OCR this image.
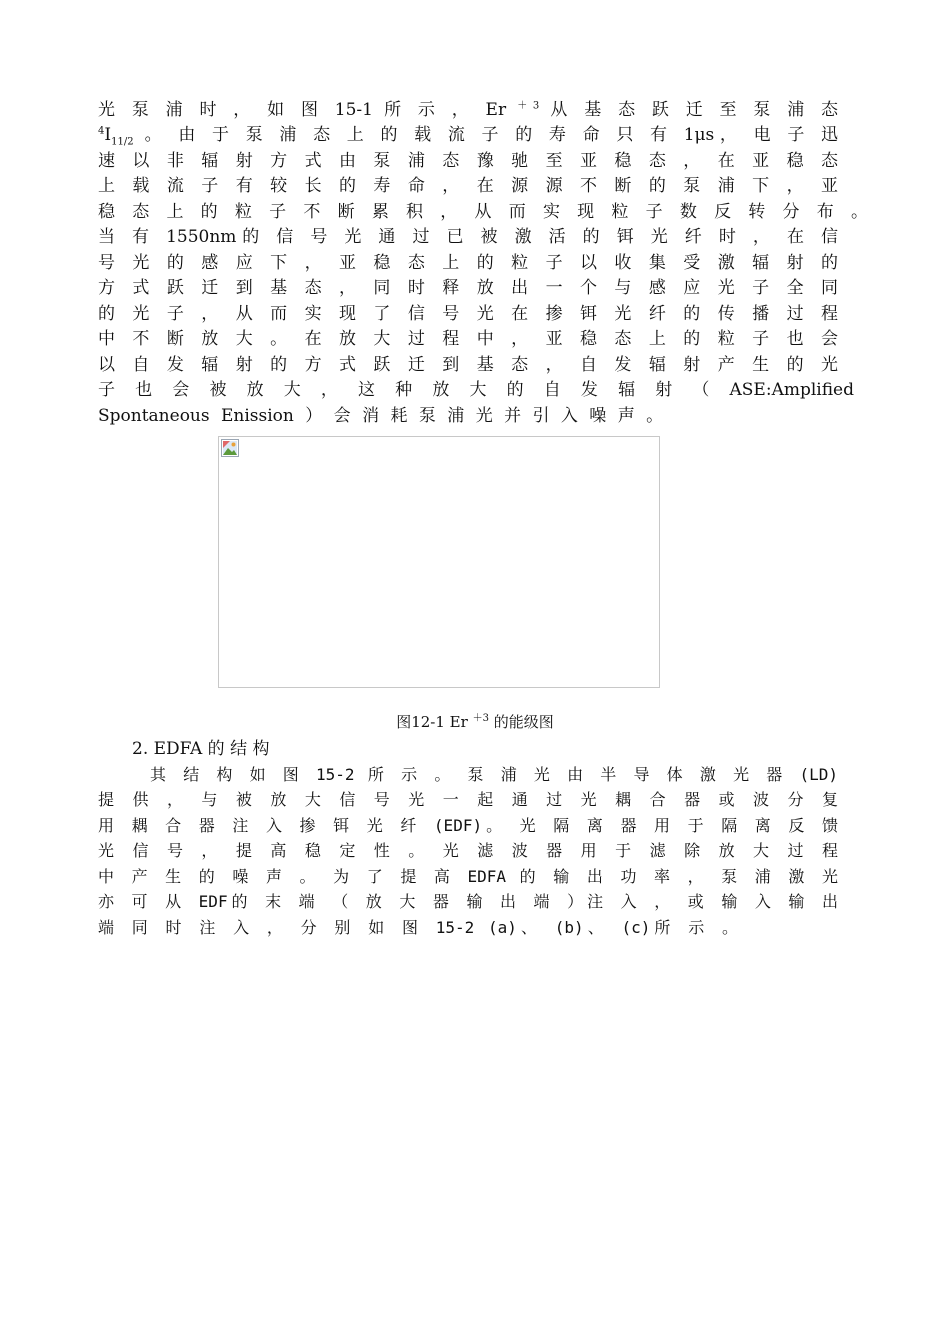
光 泵 浦 时 ， 如 图 15-1 所 示 ， Er $^{+3}$ 从 基 态 跃 迁 至 泵 浦 态
$^4I_{11/2}$ 。 由 于 泵 浦 态 上 的 载 流 子 的 寿 命 只 有 1μs， 电 子 迅
速 以 非 辐 射 方 式 由 泵 浦 态 豫 驰 至 亚 稳 态 ， 在 亚 稳 态
上 载 流 子 有 较 长 的 寿 命 ， 在 源 源 不 断 的 泵 浦 下 ， 亚
稳 态 上 的 粒 子 不 断 累 积 ， 从 而 实 现 粒 子 数 反 转 分 布 。
当 有 1550nm的 信 号 光 通 过 已 被 激 活 的 铒 光 纤 时 ， 在 信
号 光 的 感 应 下 ， 亚 稳 态 上 的 粒 子 以 收 集 受 激 辐 射 的
方 式 跃 迁 到 基 态 ， 同 时 释 放 出 一 个 与 感 应 光 子 全 同
的 光 子 ， 从 而 实 现 了 信 号 光 在 掺 铒 光 纤 的 传 播 过 程
中 不 断 放 大 。 在 放 大 过 程 中 ， 亚 稳 态 上 的 粒 子 也 会
以 自 发 辐 射 的 方 式 跃 迁 到 基 态 ， 自 发 辐 射 产 生 的 光
子 也 会 被 放 大 ， 这 种 放 大 的 自 发 辐 射 （ ASE:Amplified
Spontaneous Enission ） 会 消 耗 泵 浦 光 并 引 入 噪 声 。
图12-1 Er $^{+3}$ 的能级图
2. EDFA 的 结 构
其 结 构 如 图 15-2 所 示 。 泵 浦 光 由 半 导 体 激 光 器 (LD)
提 供 ， 与 被 放 大 信 号 光 一 起 通 过 光 耦 合 器 或 波 分 复
用 耦 合 器 注 入 掺 铒 光 纤 (EDF)。 光 隔 离 器 用 于 隔 离 反 馈
光 信 号 ， 提 高 稳 定 性 。 光 滤 波 器 用 于 滤 除 放 大 过 程
中 产 生 的 噪 声 。 为 了 提 高 EDFA 的 输 出 功 率 ， 泵 浦 激 光
亦 可 从 EDF的 末 端 （ 放 大 器 输 出 端 ）注 入 ， 或 输 入 输 出
端 同 时 注 入 ， 分 别 如 图 15-2 (a)、 (b)、 (c)所 示 。
